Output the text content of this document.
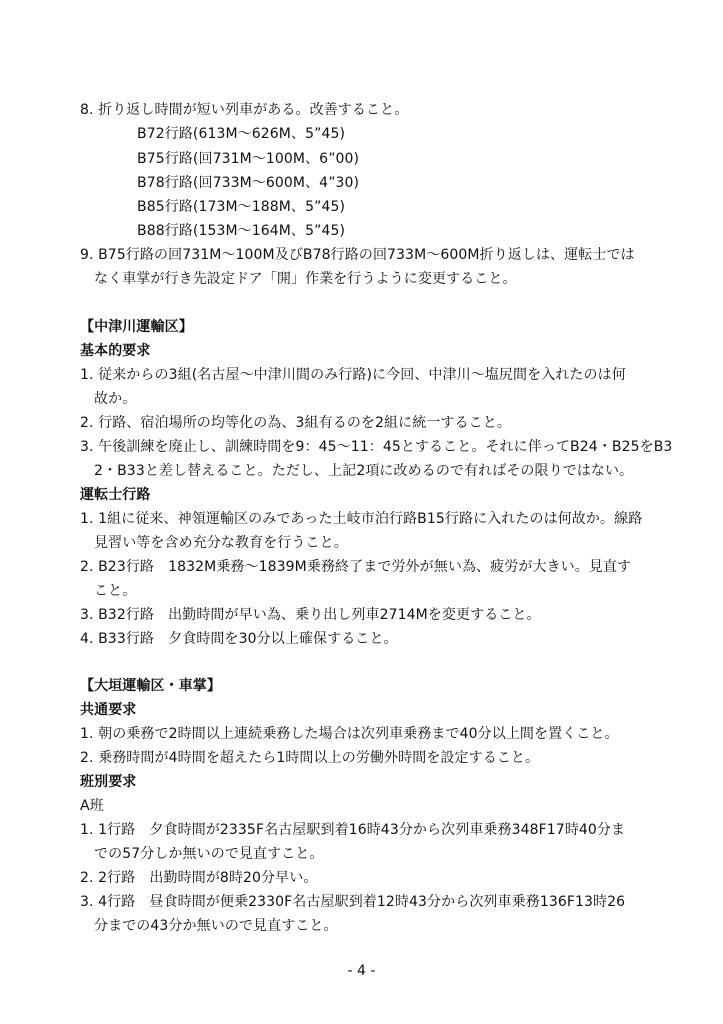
8. 折り返し時間が短い列車がある。改善すること。
B72行路(613M～626M、5”45)
B75行路(回731M～100M、6”00)
B78行路(回733M～600M、4”30)
B85行路(173M～188M、5”45)
B88行路(153M～164M、5”45)
9. B75行路の回731M～100M及びB78行路の回733M～600M折り返しは、運転士では
なく車掌が行き先設定ドア「開」作業を行うように変更すること。
【中津川運輸区】
基本的要求
1. 従来からの3組(名古屋～中津川間のみ行路)に今回、中津川～塩尻間を入れたのは何
故か。
2. 行路、宿泊場所の均等化の為、3組有るのを2組に統一すること。
3. 午後訓練を廃止し、訓練時間を9：45～11：45とすること。それに伴ってB24・B25をB3
2・B33と差し替えること。ただし、上記2項に改めるので有ればその限りではない。
運転士行路
1. 1組に従来、神領運輸区のみであった土岐市泊行路B15行路に入れたのは何故か。線路
見習い等を含め充分な教育を行うこと。
2. B23行路　1832M乗務～1839M乗務終了まで労外が無い為、疲労が大きい。見直す
こと。
3. B32行路　出勤時間が早い為、乗り出し列車2714Mを変更すること。
4. B33行路　夕食時間を30分以上確保すること。
【大垣運輸区・車掌】
共通要求
1. 朝の乗務で2時間以上連続乗務した場合は次列車乗務まで40分以上間を置くこと。
2. 乗務時間が4時間を超えたら1時間以上の労働外時間を設定すること。
班別要求
A班
1. 1行路　夕食時間が2335F名古屋駅到着16時43分から次列車乗務348F17時40分ま
での57分しか無いので見直すこと。
2. 2行路　出勤時間が8時20分早い。
3. 4行路　昼食時間が便乗2330F名古屋駅到着12時43分から次列車乗務136F13時26
分までの43分か無いので見直すこと。
- 4 -
